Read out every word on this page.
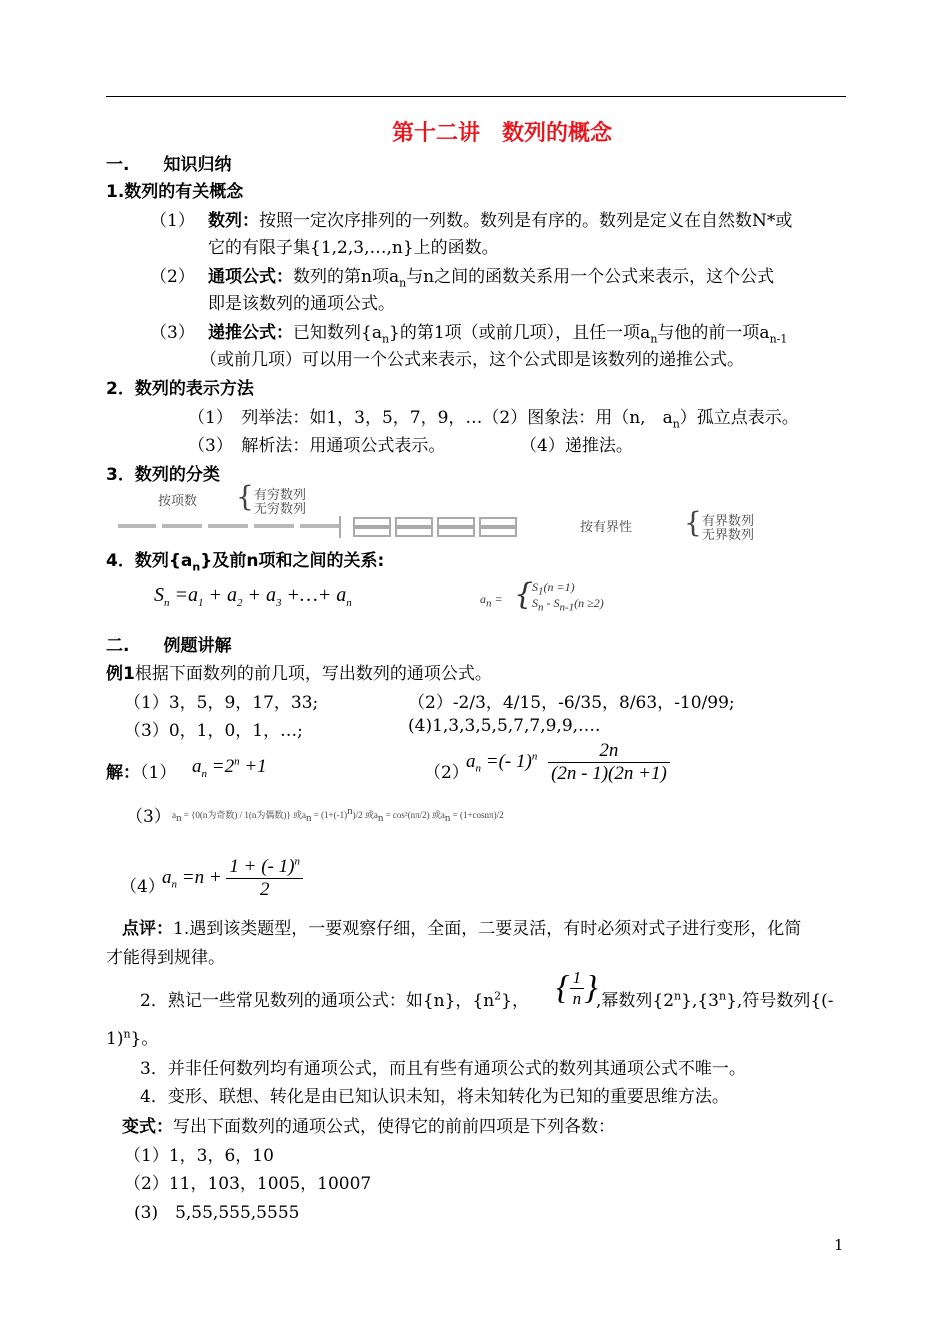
第十二讲　数列的概念
一.　　知识归纳
1.数列的有关概念
（1） 数列：按照一定次序排列的一列数。数列是有序的。数列是定义在自然数N*或
它的有限子集{1,2,3,…,n}上的函数。
（2） 通项公式：数列的第n项$a_n$与n之间的函数关系用一个公式来表示，这个公式
即是该数列的通项公式。
（3） 递推公式：已知数列$\{a_n\}$的第1项（或前几项），且任一项$a_n$与他的前一项$a_{n-1}$
（或前几项）可以用一个公式来表示，这个公式即是该数列的递推公式。
2．数列的表示方法
（1）　列举法：如1，3，5，7，9，…（2）图象法：用（n,　$a_n$）孤立点表示。
（3）　解析法：用通项公式表示。	（4）递推法。
3．数列的分类
按项数 { 有穷数列
无穷数列
按有界性 { 有界数列
无界数列
4．数列$\{a_n\}$及前n项和之间的关系:
$S_n =a_1 + a_2 + a_3$ +…+ $a_n$	$a_n$ = {
$S_1(n =1)$
$S_n - S_{n-1}(n \ge 2)$
二.　　例题讲解
例1根据下面数列的前几项，写出数列的通项公式。
（1）3，5，9，17，33;	（2）-2/3，4/15，-6/35，8/63，-10/99;
（3）0，1，0，1，…;	(4)1,3,3,5,5,7,7,9,9,….
解：（1） $a_n =2^n +1$	（2）
$a_n$ =(- $1)^n \frac{2n}{(2n - 1)(2n +1)}$
（3） $a_n = \{0(n$为奇数) / 1(n为偶数)} 或$a_n = (1+(-1)^n)/2$ 或$a_n = \cos^2(n\pi/2)$ 或$a_n = (1+\cos n\pi)/2$
（4）
$a_n =n + \frac{1 + (- 1)^n}{2}$
点评：1.遇到该类题型，一要观察仔细，全面，二要灵活，有时必须对式子进行变形，化简
才能得到规律。
2．熟记一些常见数列的通项公式：如{n}，$\{n^2\}$， { $\frac{1}{n}$ }
,幂数列{2$^n$},{3$^n$},符号数列{(-
1)$^n$}。
3．并非任何数列均有通项公式，而且有些有通项公式的数列其通项公式不唯一。
4．变形、联想、转化是由已知认识未知，将未知转化为已知的重要思维方法。
变式：写出下面数列的通项公式，使得它的前前四项是下列各数：
（1）1，3，6，10
（2）11，103，1005，10007
(3)　5,55,555,5555
1
